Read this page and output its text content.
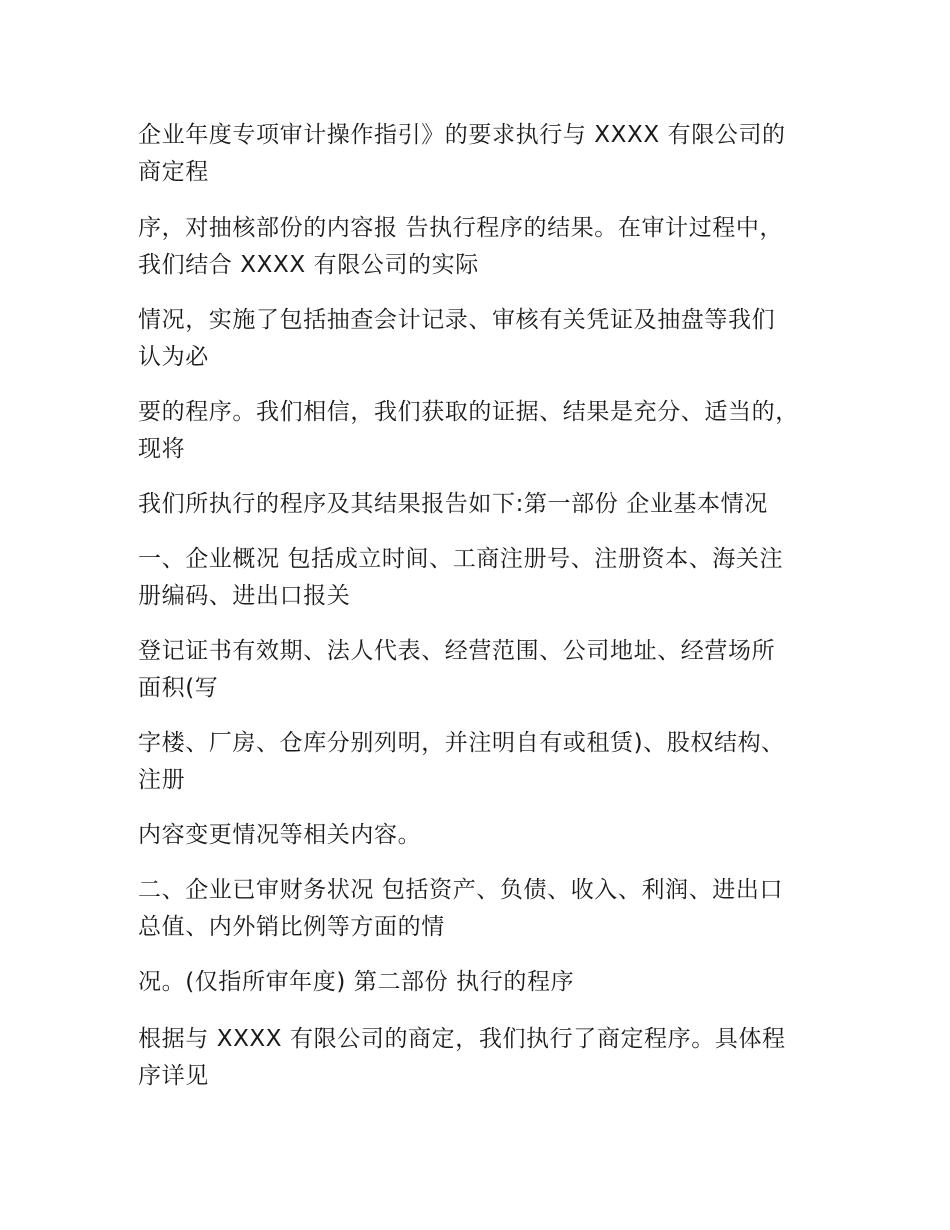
企业年度专项审计操作指引》的要求执行与 XXXX 有限公司的
商定程

序，对抽核部份的内容报 告执行程序的结果。在审计过程中，
我们结合 XXXX 有限公司的实际

情况，实施了包括抽查会计记录、审核有关凭证及抽盘等我们
认为必

要的程序。我们相信，我们获取的证据、结果是充分、适当的，
现将

我们所执行的程序及其结果报告如下:第一部份 企业基本情况

一、企业概况 包括成立时间、工商注册号、注册资本、海关注
册编码、进出口报关

登记证书有效期、法人代表、经营范围、公司地址、经营场所
面积(写

字楼、厂房、仓库分别列明，并注明自有或租赁)、股权结构、
注册

内容变更情况等相关内容。

二、企业已审财务状况 包括资产、负债、收入、利润、进出口
总值、内外销比例等方面的情

况。(仅指所审年度) 第二部份 执行的程序

根据与 XXXX 有限公司的商定，我们执行了商定程序。具体程
序详见
